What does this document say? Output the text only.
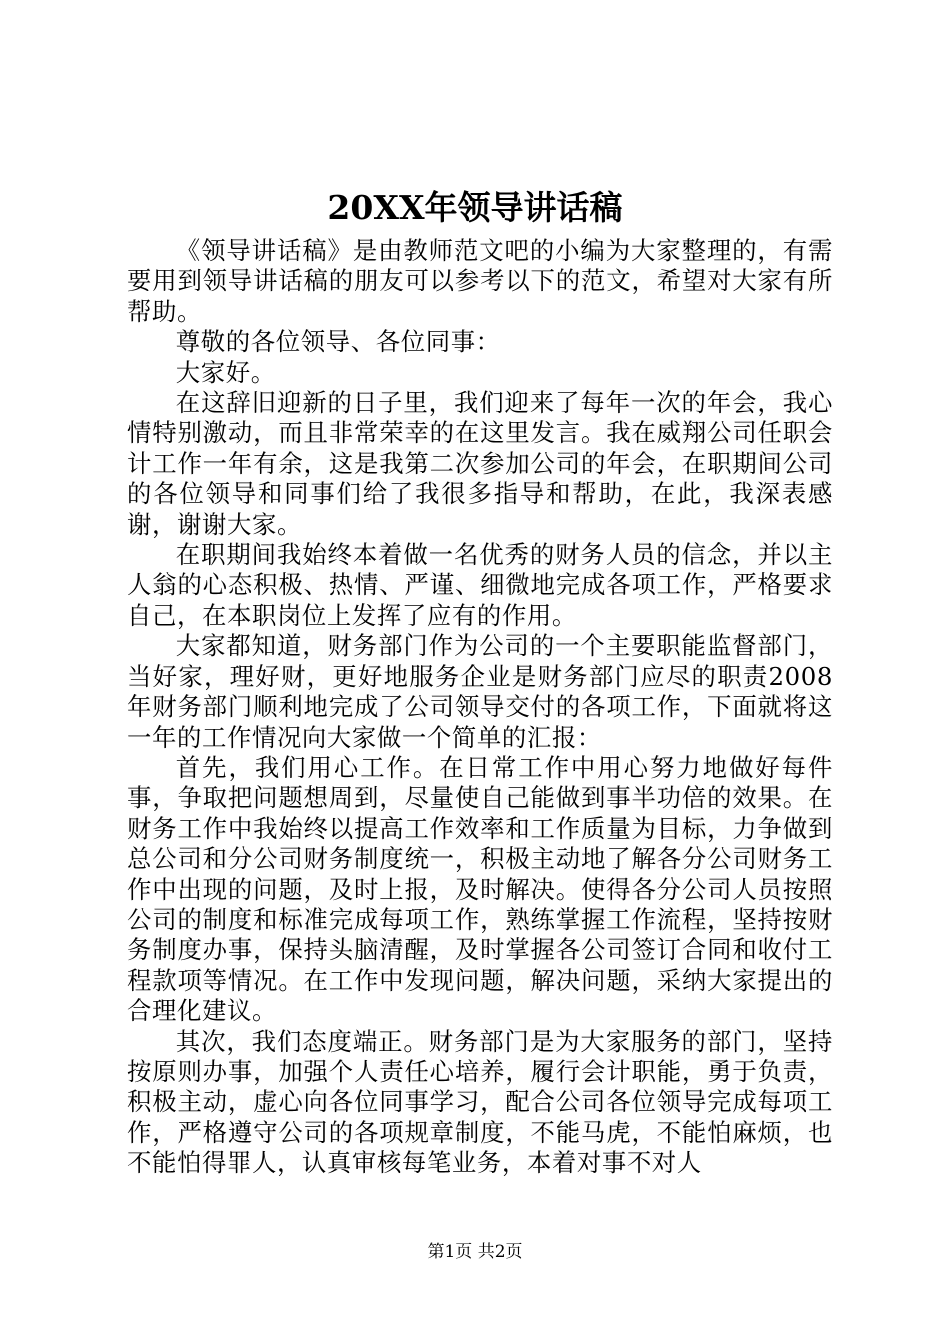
20XX年领导讲话稿

《领导讲话稿》是由教师范文吧的小编为大家整理的，有需要用到领导讲话稿的朋友可以参考以下的范文，希望对大家有所帮助。

尊敬的各位领导、各位同事：

大家好。

在这辞旧迎新的日子里，我们迎来了每年一次的年会，我心情特别激动，而且非常荣幸的在这里发言。我在威翔公司任职会计工作一年有余，这是我第二次参加公司的年会，在职期间公司的各位领导和同事们给了我很多指导和帮助，在此，我深表感谢，谢谢大家。

在职期间我始终本着做一名优秀的财务人员的信念，并以主人翁的心态积极、热情、严谨、细微地完成各项工作，严格要求自己，在本职岗位上发挥了应有的作用。

大家都知道，财务部门作为公司的一个主要职能监督部门，当好家，理好财，更好地服务企业是财务部门应尽的职责2008年财务部门顺利地完成了公司领导交付的各项工作，下面就将这一年的工作情况向大家做一个简单的汇报：

首先，我们用心工作。在日常工作中用心努力地做好每件事，争取把问题想周到，尽量使自己能做到事半功倍的效果。在财务工作中我始终以提高工作效率和工作质量为目标，力争做到总公司和分公司财务制度统一，积极主动地了解各分公司财务工作中出现的问题，及时上报，及时解决。使得各分公司人员按照公司的制度和标准完成每项工作，熟练掌握工作流程，坚持按财务制度办事，保持头脑清醒，及时掌握各公司签订合同和收付工程款项等情况。在工作中发现问题，解决问题，采纳大家提出的合理化建议。

其次，我们态度端正。财务部门是为大家服务的部门，坚持按原则办事，加强个人责任心培养，履行会计职能，勇于负责，积极主动，虚心向各位同事学习，配合公司各位领导完成每项工作，严格遵守公司的各项规章制度，不能马虎，不能怕麻烦，也不能怕得罪人，认真审核每笔业务，本着对事不对人

第1页 共2页
